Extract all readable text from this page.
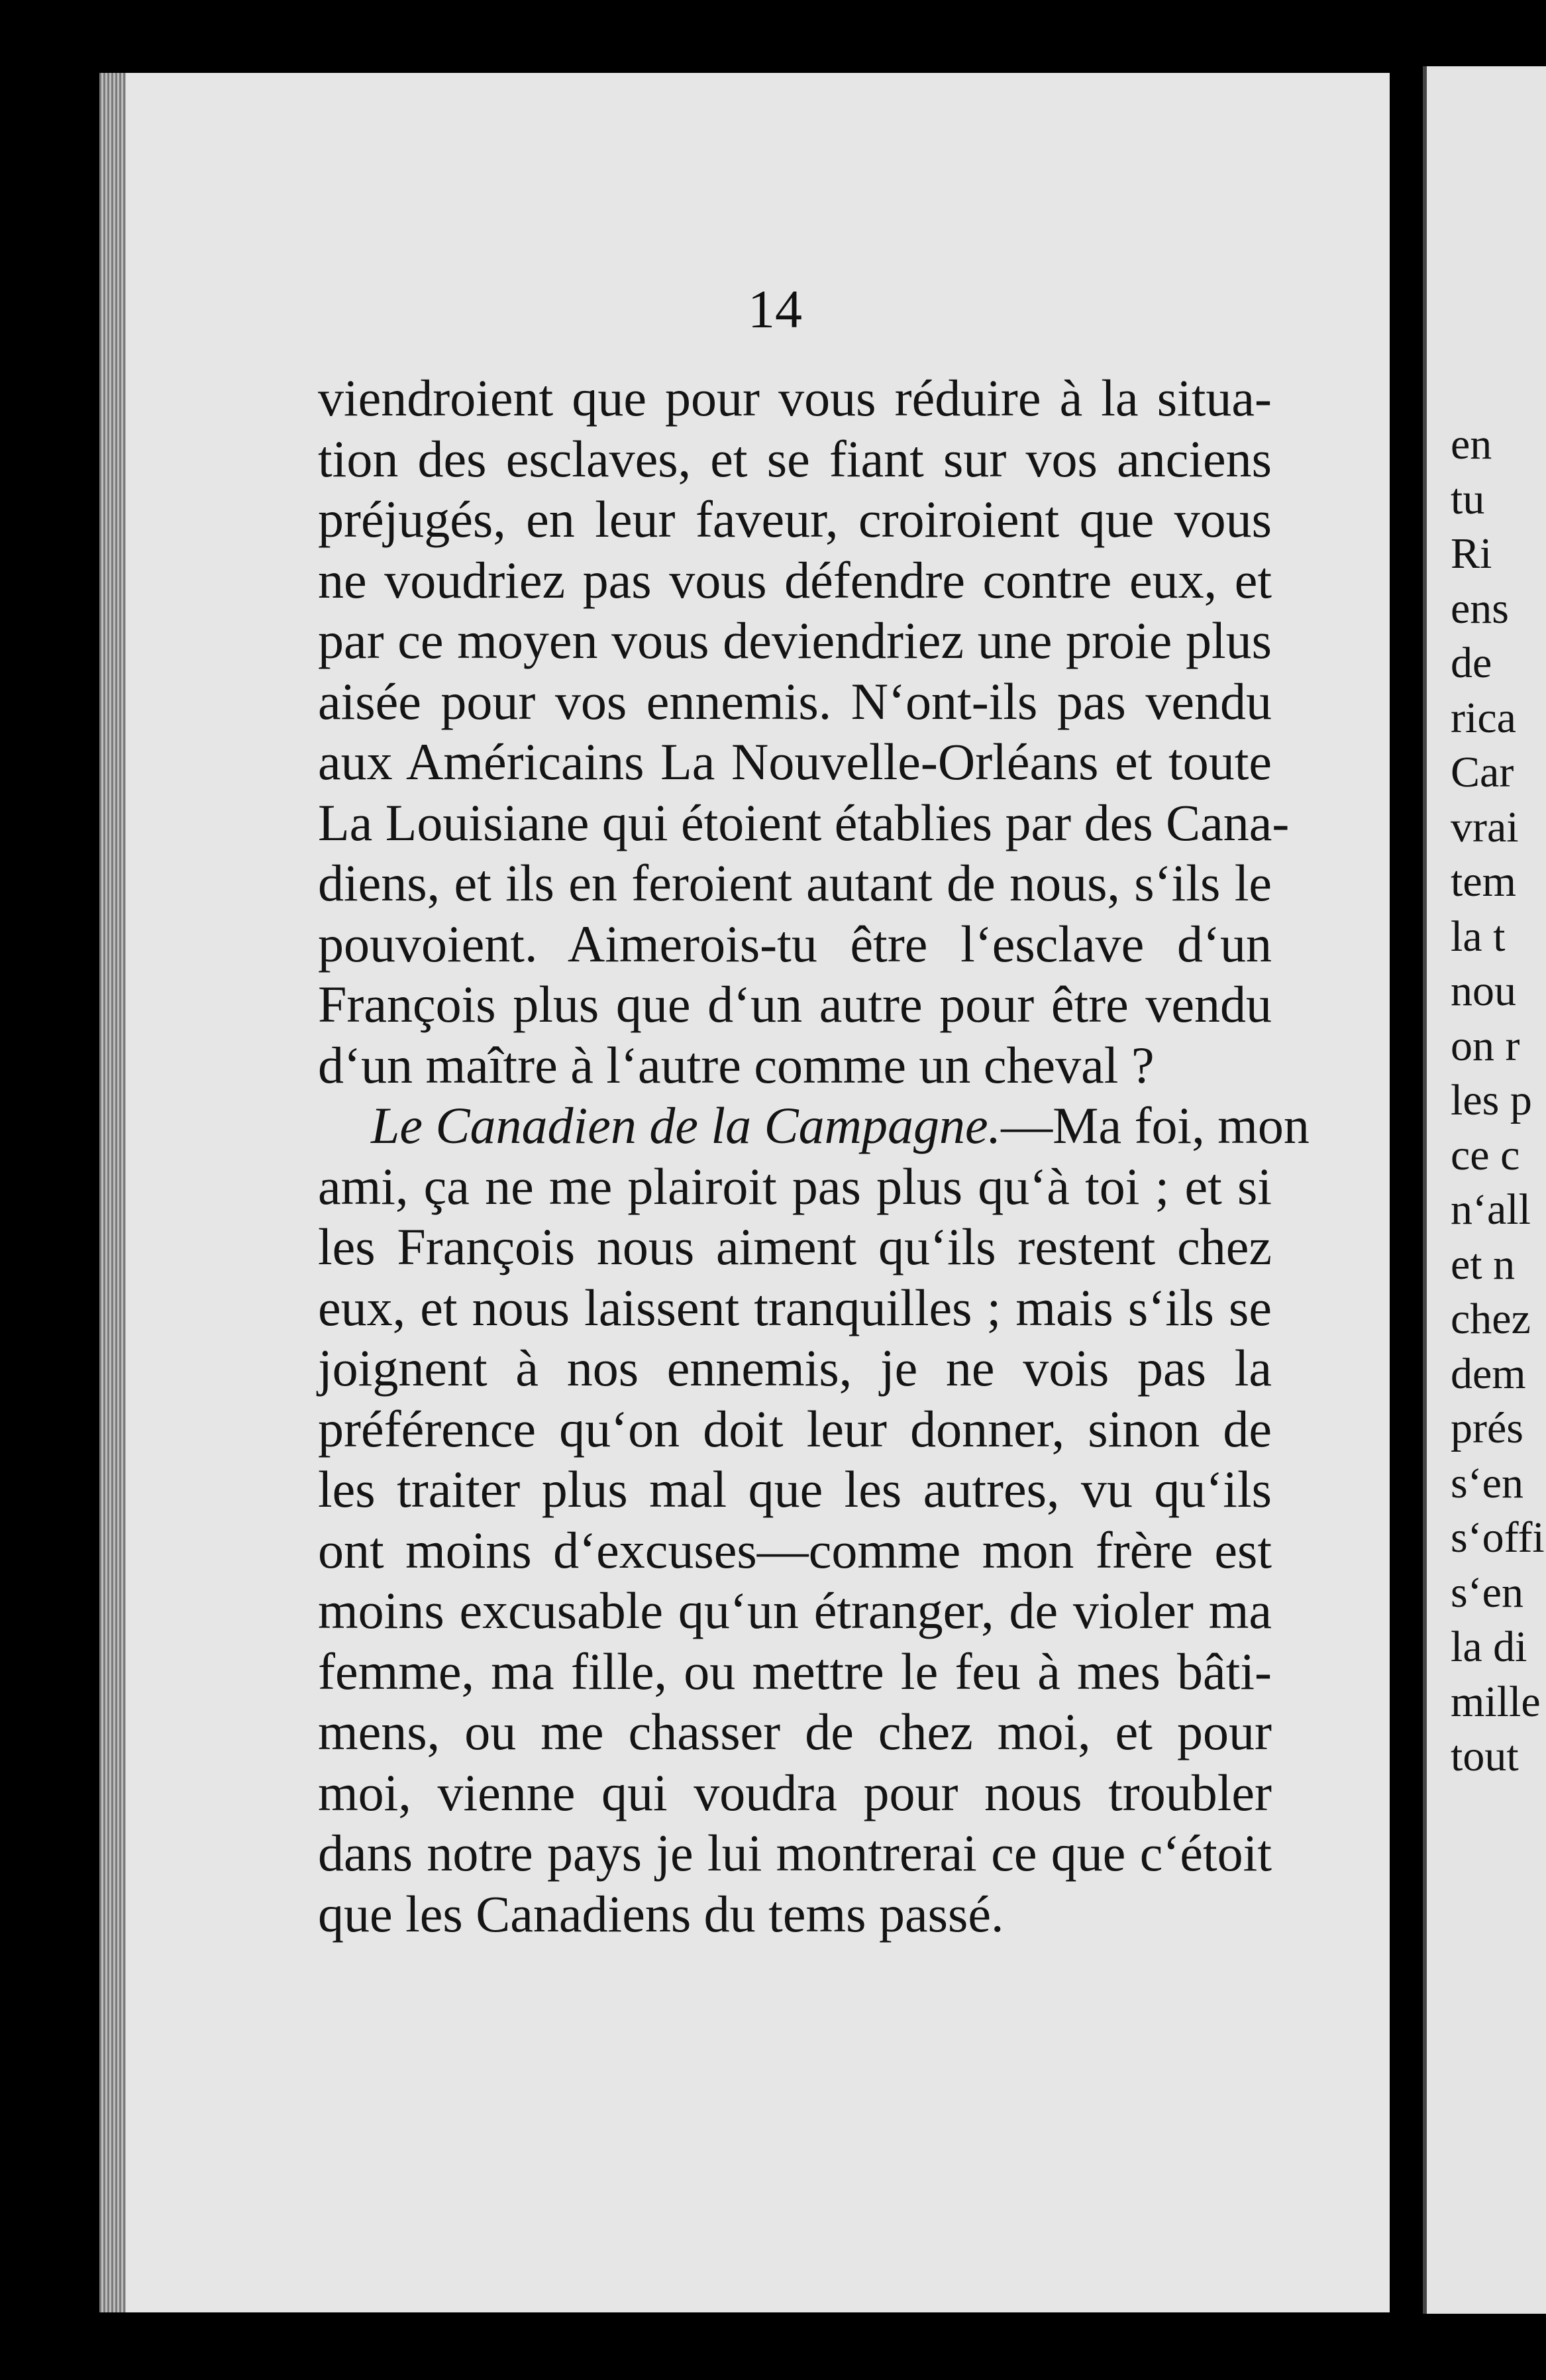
14
viendroient que pour vous réduire à la situa-
tion des esclaves, et se fiant sur vos anciens
préjugés, en leur faveur, croiroient que vous
ne voudriez pas vous défendre contre eux, et
par ce moyen vous deviendriez une proie plus
aisée pour vos ennemis. N‘ont-ils pas vendu
aux Américains La Nouvelle-Orléans et toute
La Louisiane qui étoient établies par des Cana-
diens, et ils en feroient autant de nous, s‘ils le
pouvoient. Aimerois-tu être l‘esclave d‘un
François plus que d‘un autre pour être vendu
d‘un maître à l‘autre comme un cheval ?
Le Canadien de la Campagne.—Ma foi, mon
ami, ça ne me plairoit pas plus qu‘à toi ; et si
les François nous aiment qu‘ils restent chez
eux, et nous laissent tranquilles ; mais s‘ils se
joignent à nos ennemis, je ne vois pas la
préférence qu‘on doit leur donner, sinon de
les traiter plus mal que les autres, vu qu‘ils
ont moins d‘excuses—comme mon frère est
moins excusable qu‘un étranger, de violer ma
femme, ma fille, ou mettre le feu à mes bâti-
mens, ou me chasser de chez moi, et pour
moi, vienne qui voudra pour nous troubler
dans notre pays je lui montrerai ce que c‘étoit
que les Canadiens du tems passé.
en
tu
Ri
ens
de
rica
Car
vrai
tem
la t
nou
on r
les p
ce c
n‘all
et n
chez
dem
prés
s‘en
s‘offi
s‘en
la di
mille
tout
